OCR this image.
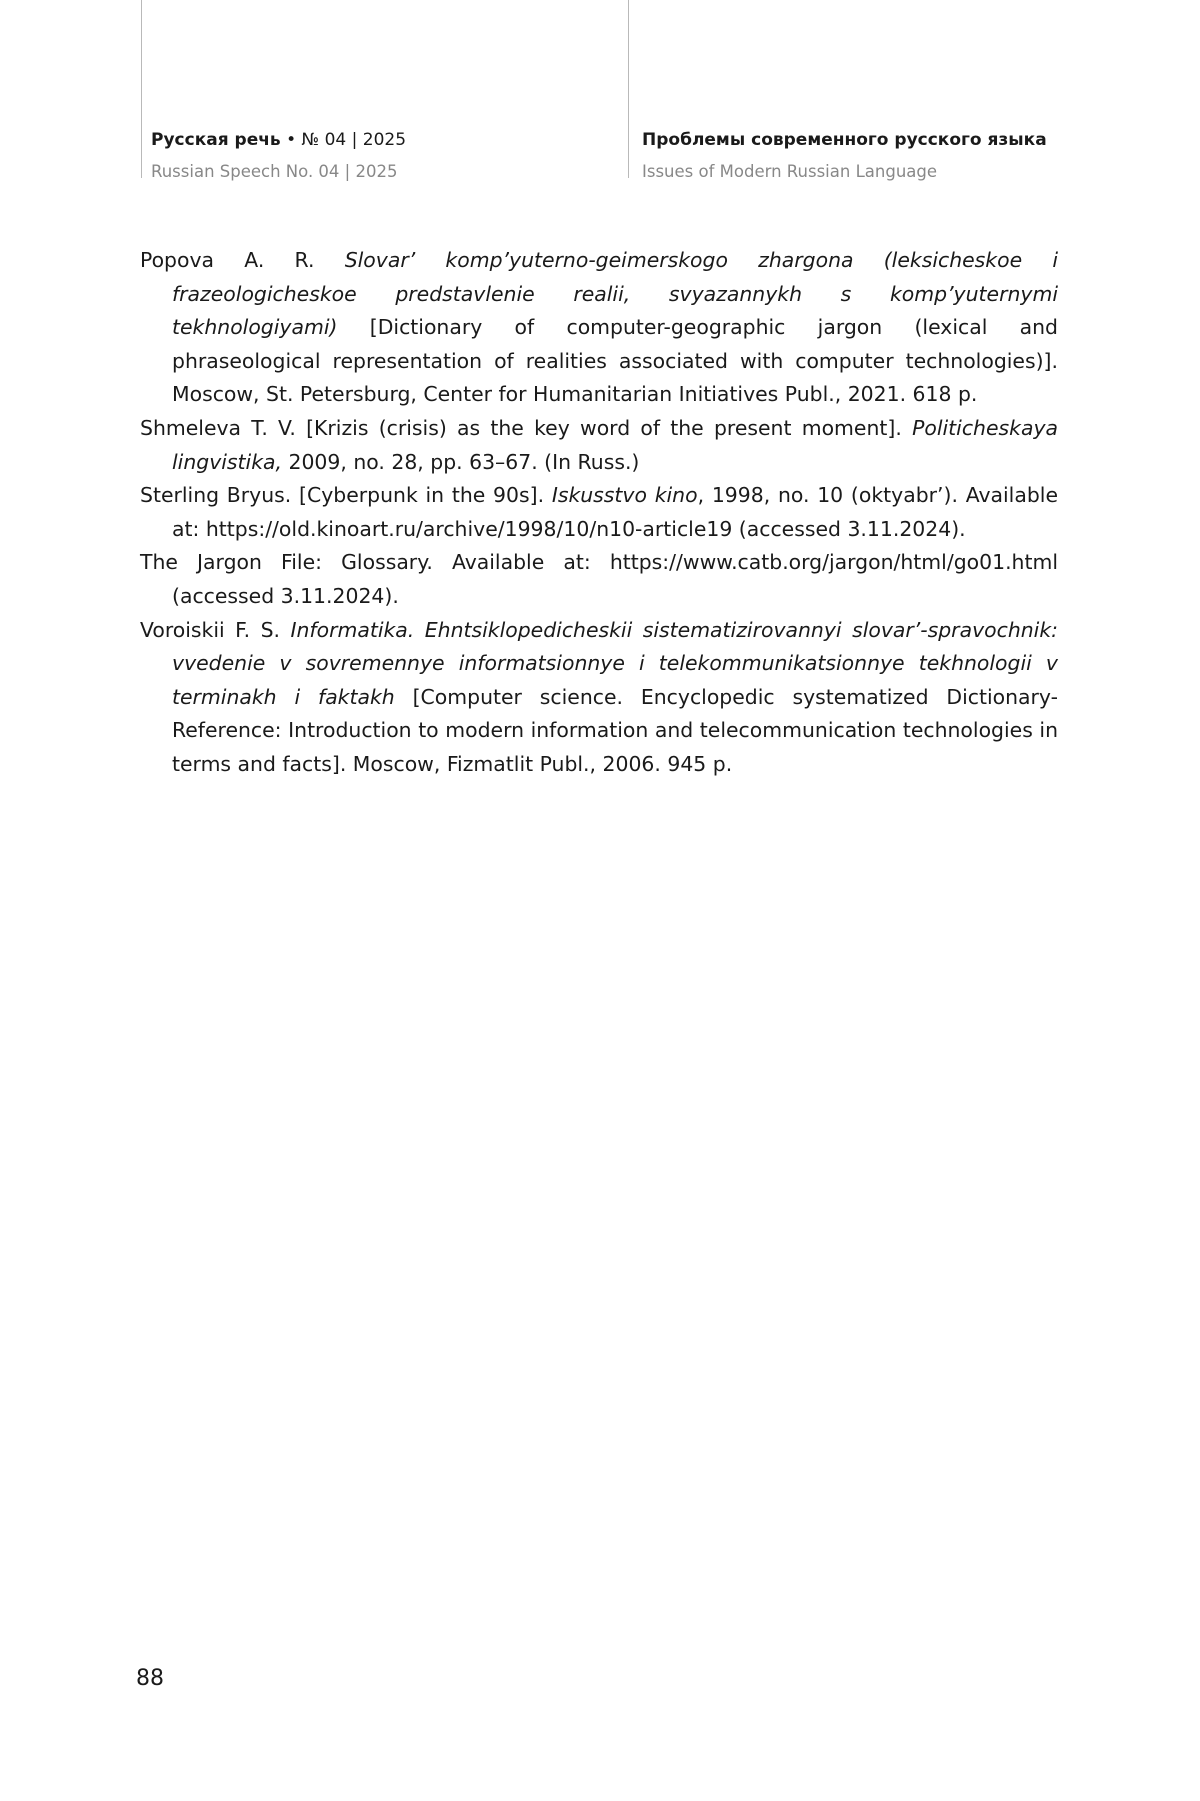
Русская речь • № 04 | 2025
Russian Speech No. 04 | 2025
Проблемы современного русского языка
Issues of Modern Russian Language

Popova A. R. Slovar’ komp’yuterno-geimerskogo zhargona (leksicheskoe i frazeologicheskoe predstavlenie realii, svyazannykh s komp’yuternymi tekhnologiyami) [Dictionary of computer-geographic jargon (lexical and phraseological representation of realities associated with computer technologies)]. Moscow, St. Petersburg, Center for Humanitarian Initiatives Publ., 2021. 618 p.

Shmeleva T. V. [Krizis (crisis) as the key word of the present moment]. Politicheskaya lingvistika, 2009, no. 28, pp. 63–67. (In Russ.)

Sterling Bryus. [Cyberpunk in the 90s]. Iskusstvo kino, 1998, no. 10 (oktyabr’). Available at: https://old.kinoart.ru/archive/1998/10/n10-article19 (accessed 3.11.2024).

The Jargon File: Glossary. Available at: https://www.catb.org/jargon/html/go01.html (accessed 3.11.2024).

Voroiskii F. S. Informatika. Ehntsiklopedicheskii sistematizirovannyi slovar’-spravochnik: vvedenie v sovremennye informatsionnye i telekommunikatsionnye tekhnologii v terminakh i faktakh [Computer science. Encyclopedic systematized Dictionary-Reference: Introduction to modern information and telecommunication technologies in terms and facts]. Moscow, Fizmatlit Publ., 2006. 945 p.

88
